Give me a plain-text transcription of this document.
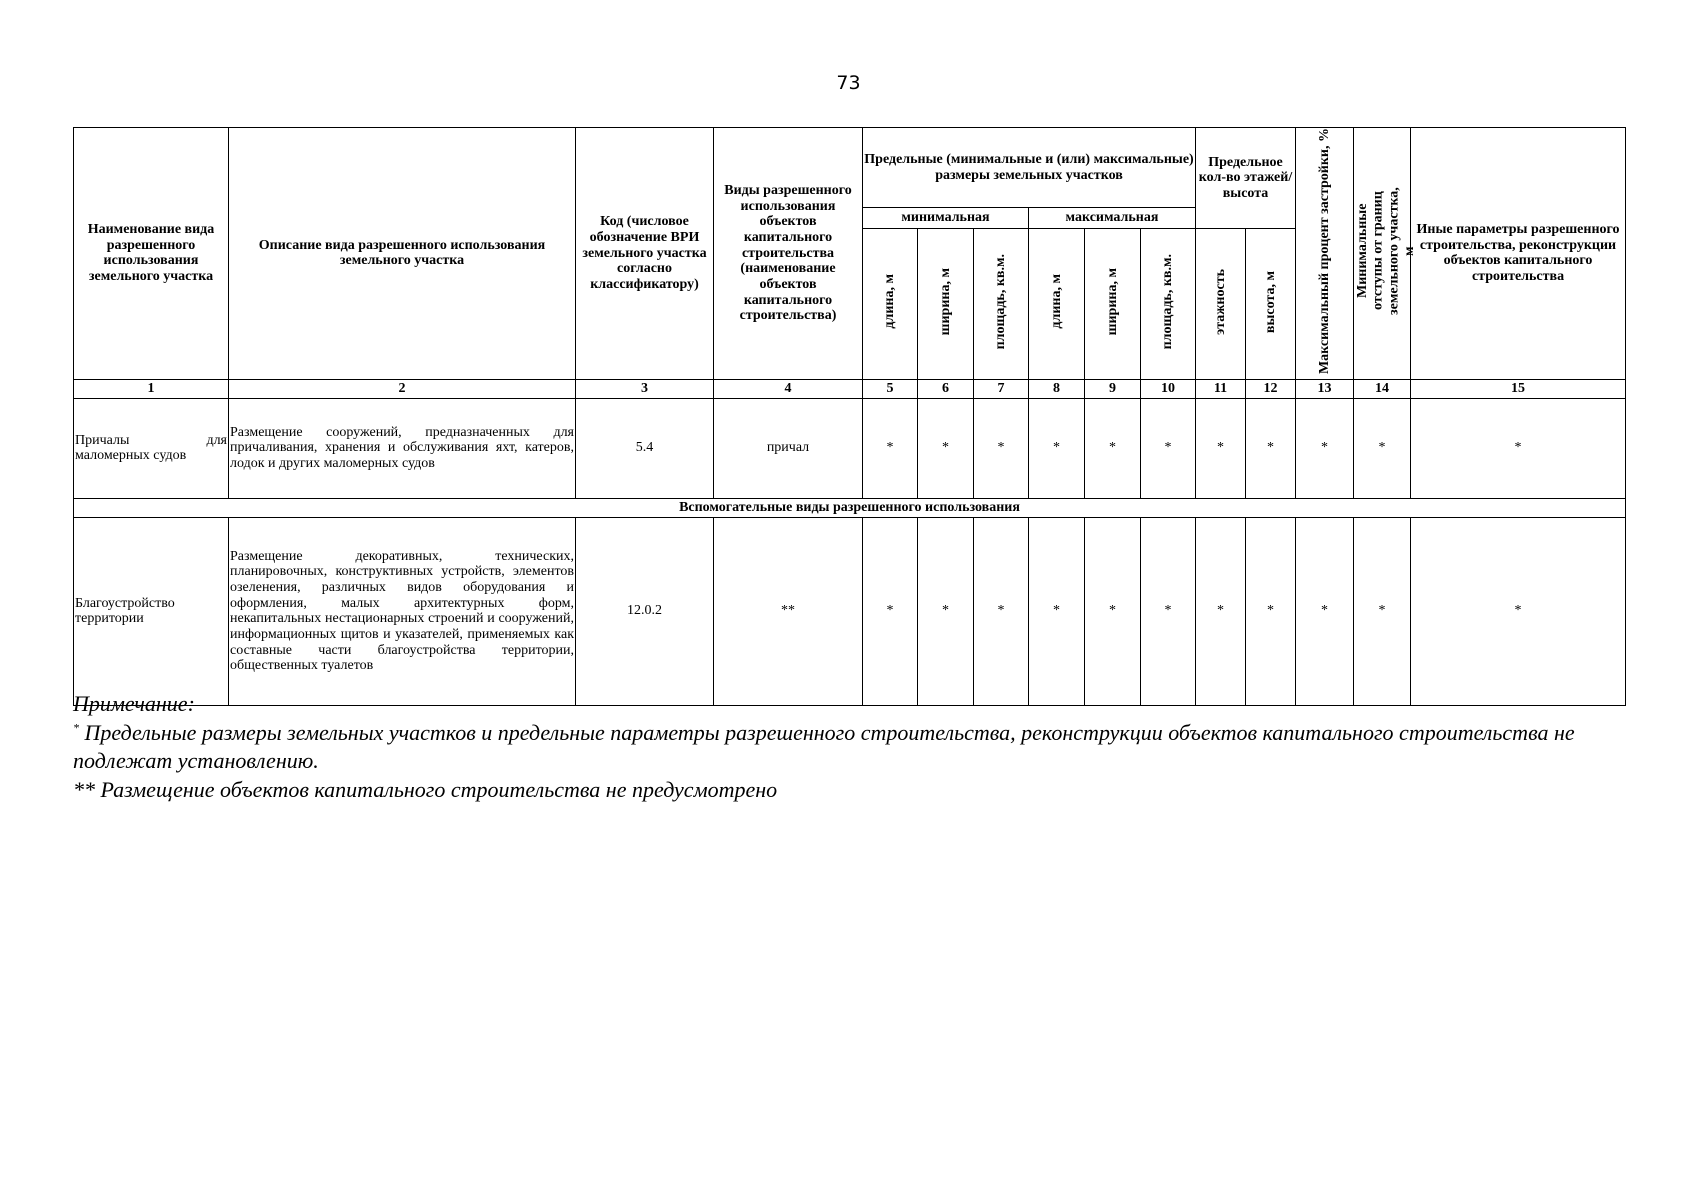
73
Наименование вида разрешенного использования земельного участка	Описание вида разрешенного использования земельного участка	Код (числовое обозначение ВРИ земельного участка согласно классификатору)	Виды разрешенного использования объектов капитального строительства (наименование объектов капитального строительства)	Предельные (минимальные и (или) максимальные) размеры земельных участков						Предельное кол-во этажей/ высота		Максимальный процент застройки, %	Минимальные отступы от границ земельного участка, м	Иные параметры разрешенного строительства, реконструкции объектов капитального строительства
				минимальная			максимальная							
				длина, м	ширина, м	площадь, кв.м.	длина, м	ширина, м	площадь, кв.м.	этажность	высота, м			
1	2	3	4	5	6	7	8	9	10	11	12	13	14	15
Причалы для маломерных судов	Размещение сооружений, предназначенных для причаливания, хранения и обслуживания яхт, катеров, лодок и других маломерных судов	5.4	причал	*	*	*	*	*	*	*	*	*	*	*
Вспомогательные виды разрешенного использования														
Благоустройство территории	Размещение декоративных, технических, планировочных, конструктивных устройств, элементов озеленения, различных видов оборудования и оформления, малых архитектурных форм, некапитальных нестационарных строений и сооружений, информационных щитов и указателей, применяемых как составные части благоустройства территории, общественных туалетов	12.0.2	**	*	*	*	*	*	*	*	*	*	*	*

Примечание:

* Предельные размеры земельных участков и предельные параметры разрешенного строительства, реконструкции объектов капитального строительства не подлежат установлению.

** Размещение объектов капитального строительства не предусмотрено
